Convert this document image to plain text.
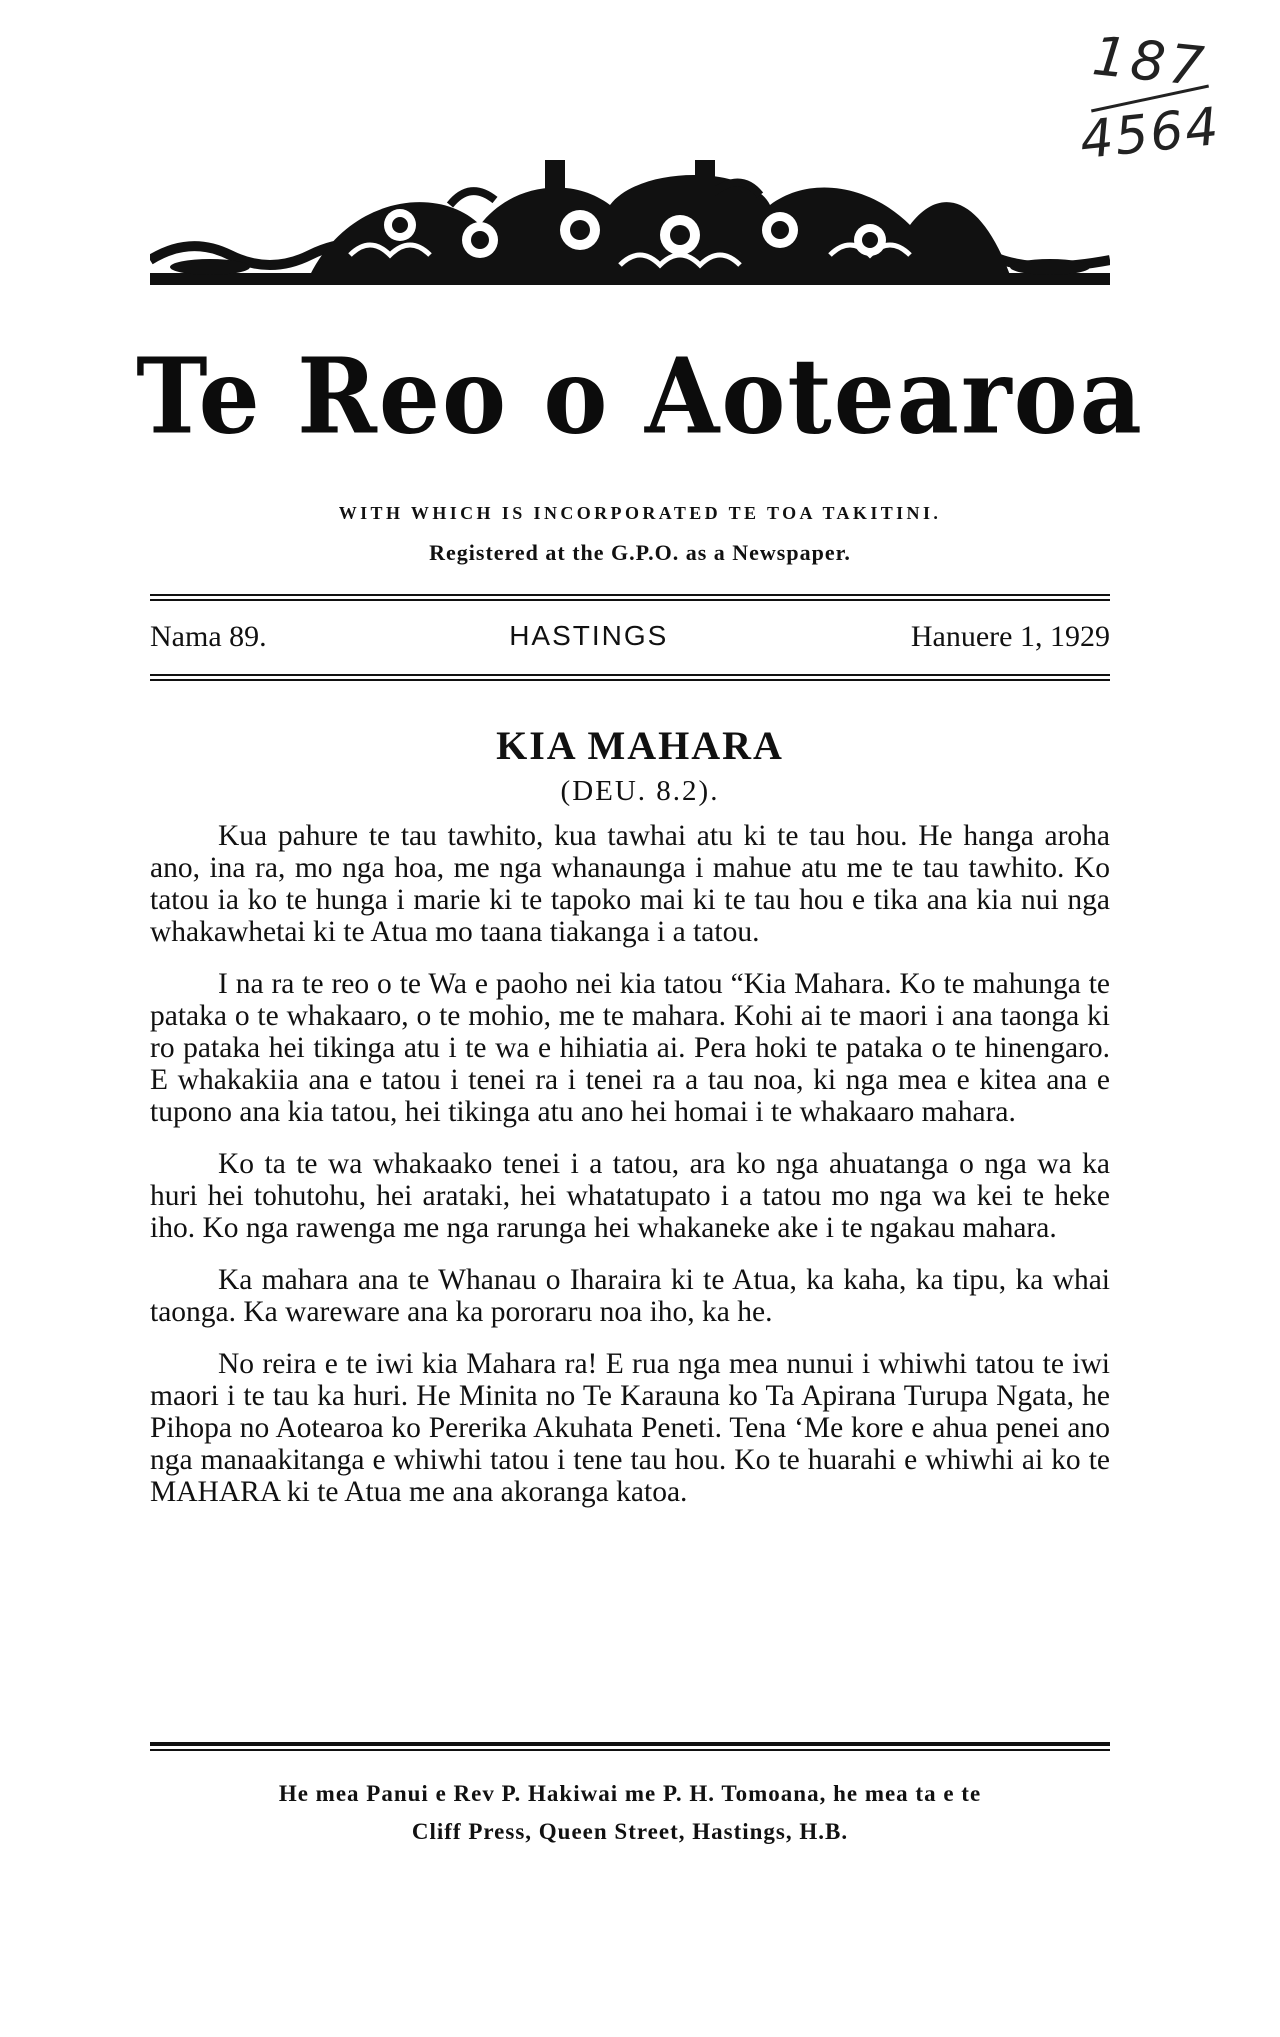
187
4564
Te Reo o Aotearoa
WITH WHICH IS INCORPORATED TE TOA TAKITINI.
Registered at the G.P.O. as a Newspaper.
Nama 89.	HASTINGS	Hanuere 1, 1929
KIA MAHARA
(DEU. 8.2).

Kua pahure te tau tawhito, kua tawhai atu ki te tau hou. He hanga aroha ano, ina ra, mo nga hoa, me nga whanaunga i mahue atu me te tau tawhito. Ko tatou ia ko te hunga i marie ki te tapoko mai ki te tau hou e tika ana kia nui nga whakawhetai ki te Atua mo taana tiakanga i a tatou.

I na ra te reo o te Wa e paoho nei kia tatou “Kia Mahara. Ko te mahunga te pataka o te whakaaro, o te mohio, me te mahara. Kohi ai te maori i ana taonga ki ro pataka hei tikinga atu i te wa e hihiatia ai. Pera hoki te pataka o te hinengaro. E whakakiia ana e tatou i tenei ra i tenei ra a tau noa, ki nga mea e kitea ana e tupono ana kia tatou, hei tikinga atu ano hei homai i te whakaaro mahara.

Ko ta te wa whakaako tenei i a tatou, ara ko nga ahuatanga o nga wa ka huri hei tohutohu, hei arataki, hei whatatupato i a tatou mo nga wa kei te heke iho. Ko nga rawenga me nga rarunga hei whakaneke ake i te ngakau mahara.

Ka mahara ana te Whanau o Iharaira ki te Atua, ka kaha, ka tipu, ka whai taonga. Ka wareware ana ka pororaru noa iho, ka he.

No reira e te iwi kia Mahara ra! E rua nga mea nunui i whiwhi tatou te iwi maori i te tau ka huri. He Minita no Te Karauna ko Ta Apirana Turupa Ngata, he Pihopa no Aotearoa ko Pererika Akuhata Peneti. Tena ‘Me kore e ahua penei ano nga manaakitanga e whiwhi tatou i tene tau hou. Ko te huarahi e whiwhi ai ko te MAHARA ki te Atua me ana akoranga katoa.

He mea Panui e Rev P. Hakiwai me P. H. Tomoana, he mea ta e te
Cliff Press, Queen Street, Hastings, H.B.
